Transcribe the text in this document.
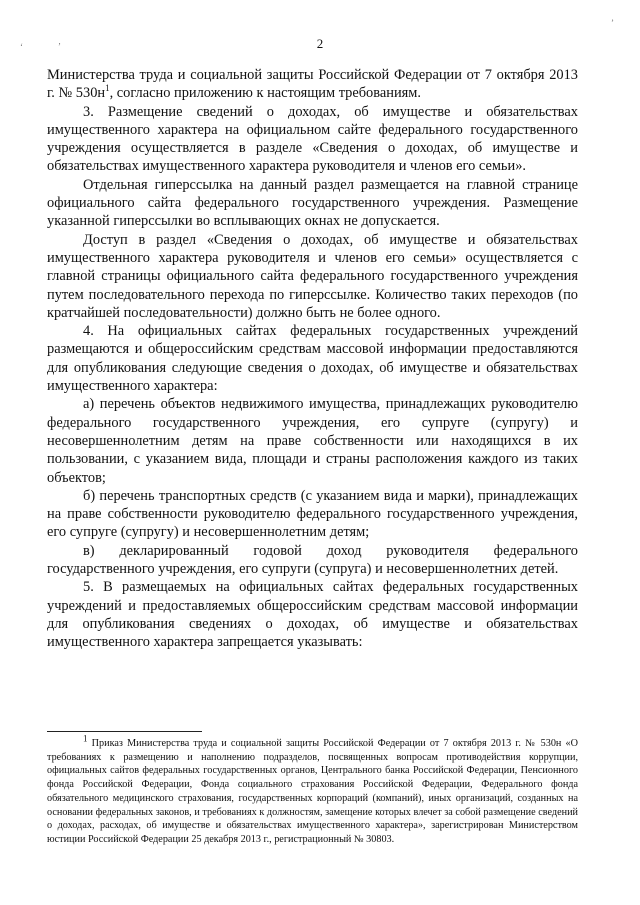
2
‘
‚
’

Министерства труда и социальной защиты Российской Федерации от 7 октября 2013 г. № $530н^1$, согласно приложению к настоящим требованиям.

3. Размещение сведений о доходах, об имуществе и обязательствах имущественного характера на официальном сайте федерального государственного учреждения осуществляется в разделе «Сведения о доходах, об имуществе и обязательствах имущественного характера руководителя и членов его семьи».

Отдельная гиперссылка на данный раздел размещается на главной странице официального сайта федерального государственного учреждения. Размещение указанной гиперссылки во всплывающих окнах не допускается.

Доступ в раздел «Сведения о доходах, об имуществе и обязательствах имущественного характера руководителя и членов его семьи» осуществляется с главной страницы официального сайта федерального государственного учреждения путем последовательного перехода по гиперссылке. Количество таких переходов (по кратчайшей последовательности) должно быть не более одного.

4. На официальных сайтах федеральных государственных учреждений размещаются и общероссийским средствам массовой информации предоставляются для опубликования следующие сведения о доходах, об имуществе и обязательствах имущественного характера:

а) перечень объектов недвижимого имущества, принадлежащих руководителю федерального государственного учреждения, его супруге (супругу) и несовершеннолетним детям на праве собственности или находящихся в их пользовании, с указанием вида, площади и страны расположения каждого из таких объектов;

б) перечень транспортных средств (с указанием вида и марки), принадлежащих на праве собственности руководителю федерального государственного учреждения, его супруге (супругу) и несовершеннолетним детям;

в) декларированный годовой доход руководителя федерального государственного учреждения, его супруги (супруга) и несовершеннолетних детей.

5. В размещаемых на официальных сайтах федеральных государственных учреждений и предоставляемых общероссийским средствам массовой информации для опубликования сведениях о доходах, об имуществе и обязательствах имущественного характера запрещается указывать:

$^1$ Приказ Министерства труда и социальной защиты Российской Федерации от 7 октября 2013 г. № 530н «О требованиях к размещению и наполнению подразделов, посвященных вопросам противодействия коррупции, официальных сайтов федеральных государственных органов, Центрального банка Российской Федерации, Пенсионного фонда Российской Федерации, Фонда социального страхования Российской Федерации, Федерального фонда обязательного медицинского страхования, государственных корпораций (компаний), иных организаций, созданных на основании федеральных законов, и требованиях к должностям, замещение которых влечет за собой размещение сведений о доходах, расходах, об имуществе и обязательствах имущественного характера», зарегистрирован Министерством юстиции Российской Федерации 25 декабря 2013 г., регистрационный № 30803.
